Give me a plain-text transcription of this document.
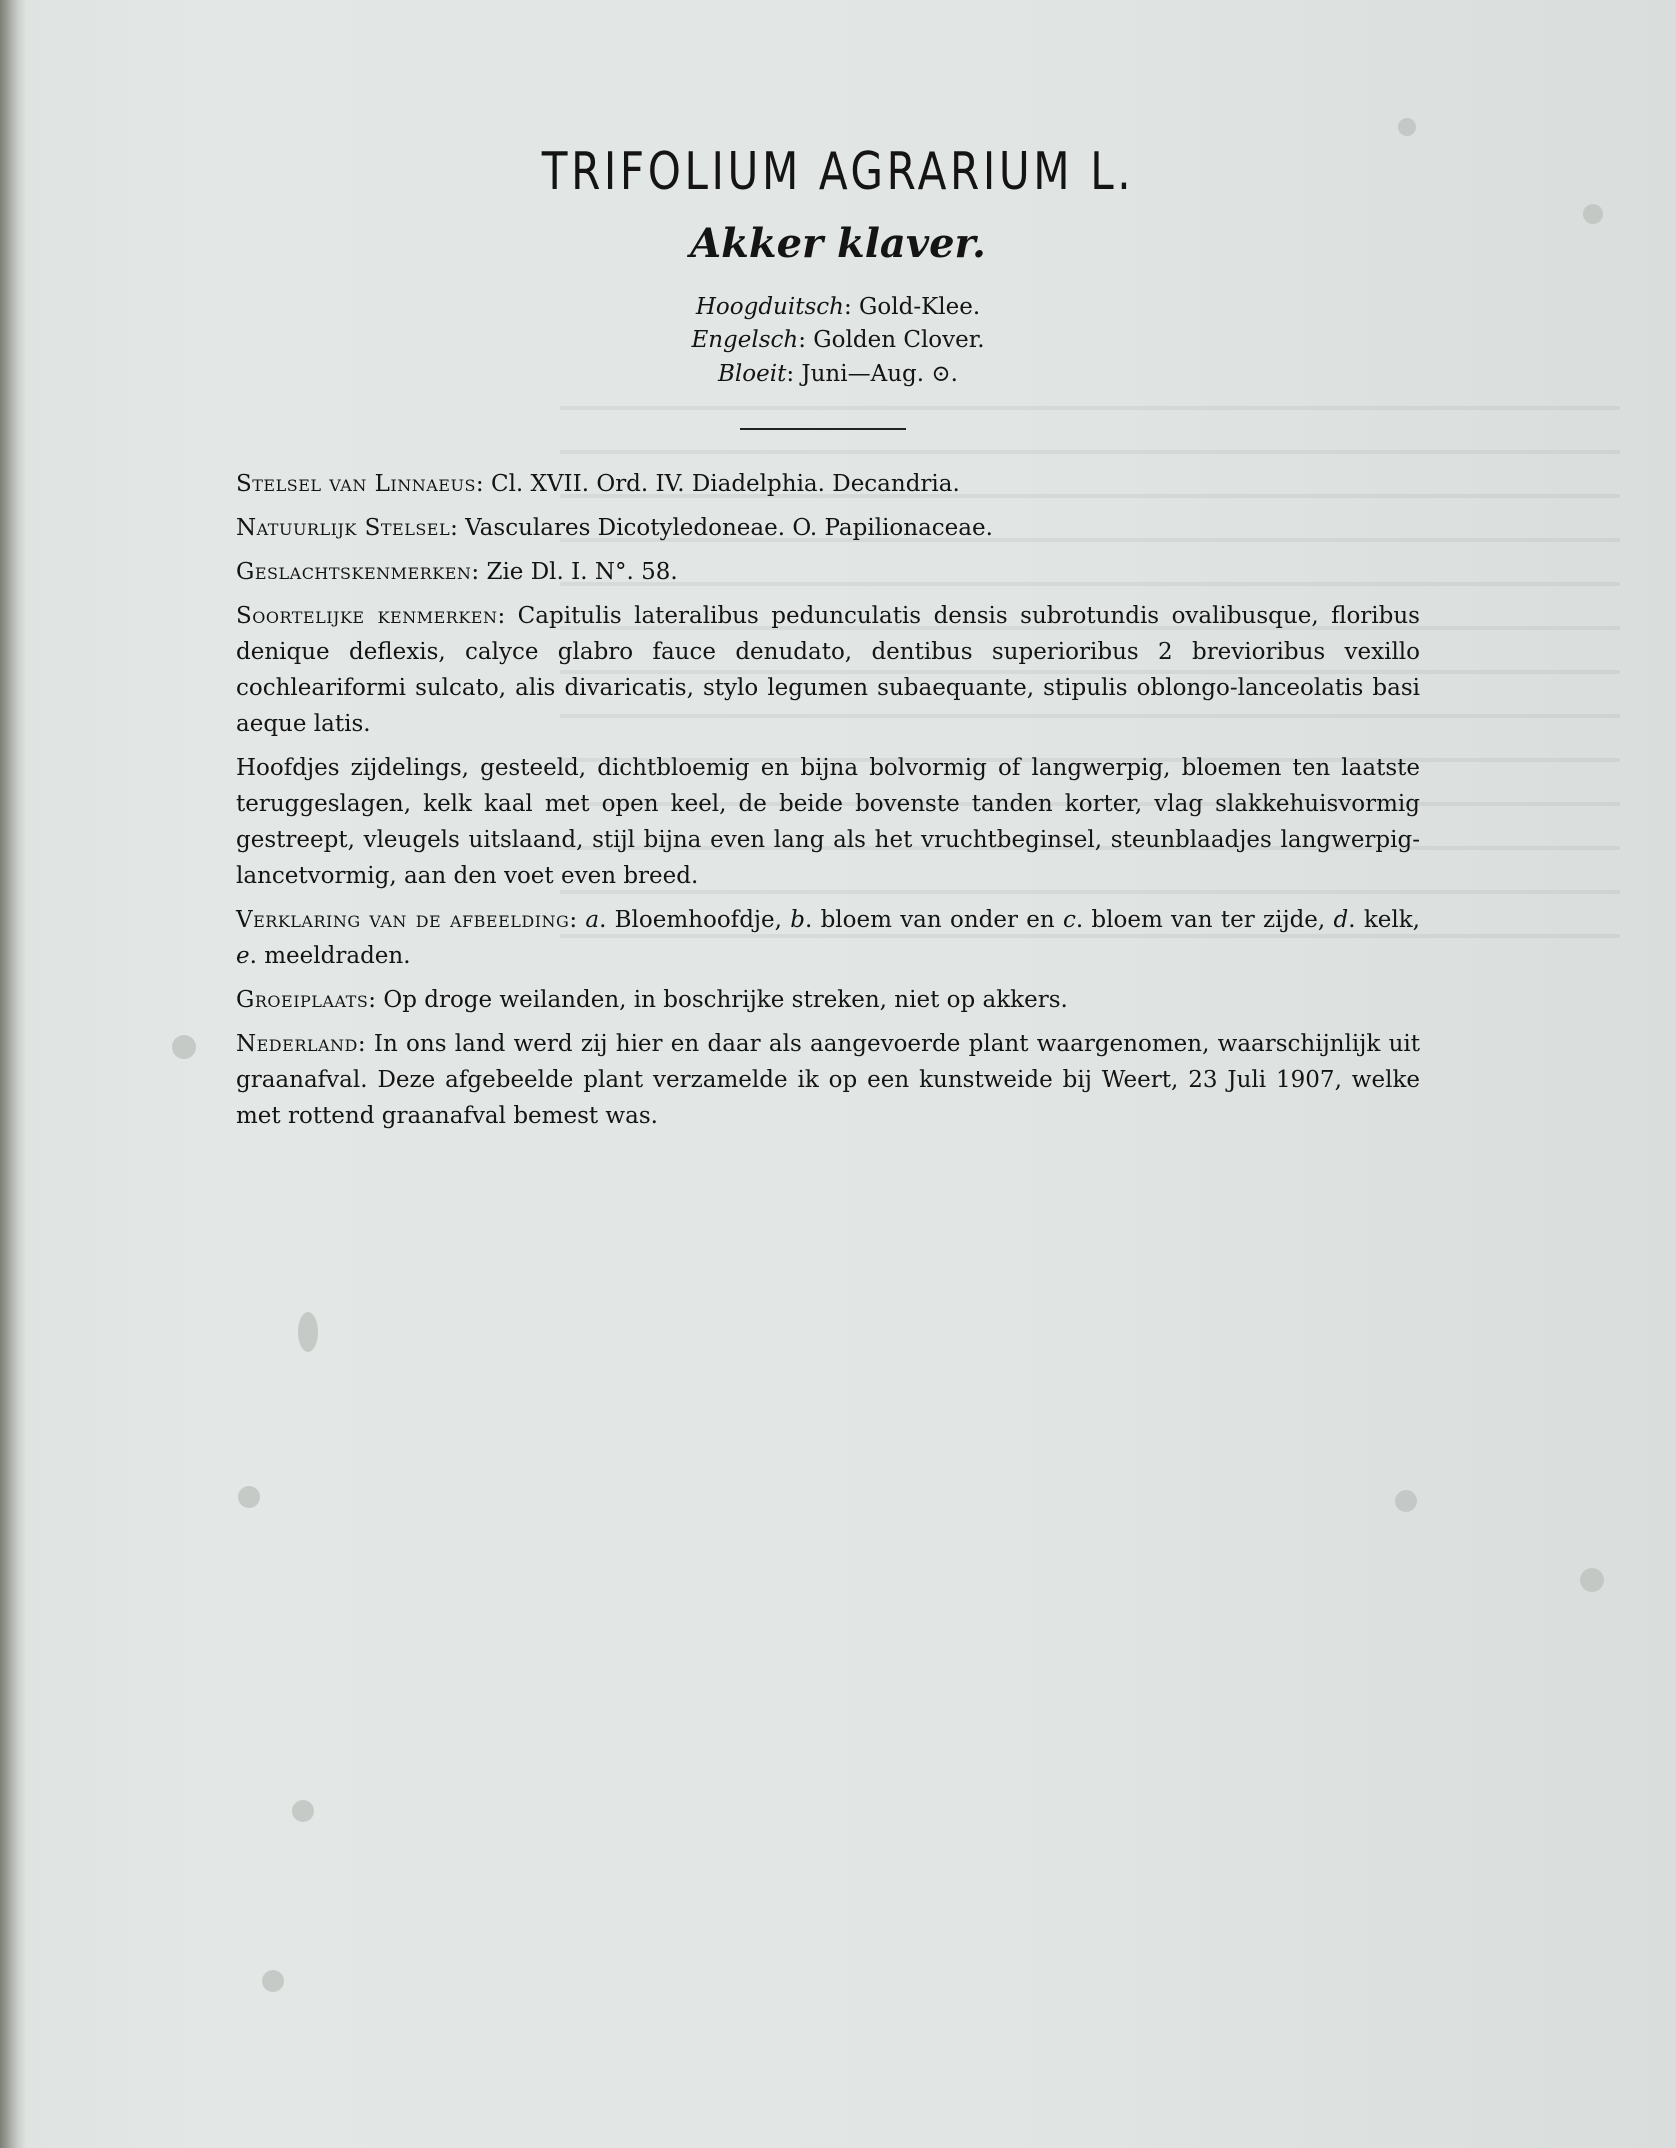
TRIFOLIUM AGRARIUM L.
Akker klaver.
Hoogduitsch: Gold-Klee.
Engelsch: Golden Clover.
Bloeit: Juni—Aug. ⊙.

Stelsel van Linnaeus: Cl. XVII. Ord. IV. Diadelphia. Decandria.

Natuurlijk Stelsel: Vasculares Dicotyledoneae. O. Papilionaceae.

Geslachtskenmerken: Zie Dl. I. N°. 58.

Soortelijke kenmerken: Capitulis lateralibus pedunculatis densis subrotundis ovalibusque, floribus denique deflexis, calyce glabro fauce denudato, dentibus superioribus 2 brevioribus vexillo cochleariformi sulcato, alis divaricatis, stylo legumen subaequante, stipulis oblongo-lanceolatis basi aeque latis.

Hoofdjes zijdelings, gesteeld, dichtbloemig en bijna bolvormig of langwerpig, bloemen ten laatste teruggeslagen, kelk kaal met open keel, de beide bovenste tanden korter, vlag slakkehuisvormig gestreept, vleugels uitslaand, stijl bijna even lang als het vruchtbeginsel, steunblaadjes langwerpig-lancetvormig, aan den voet even breed.

Verklaring van de afbeelding: a. Bloemhoofdje, b. bloem van onder en c. bloem van ter zijde, d. kelk, e. meeldraden.

Groeiplaats: Op droge weilanden, in boschrijke streken, niet op akkers.

Nederland: In ons land werd zij hier en daar als aangevoerde plant waargenomen, waarschijnlijk uit graanafval. Deze afgebeelde plant verzamelde ik op een kunstweide bij Weert, 23 Juli 1907, welke met rottend graanafval bemest was.
